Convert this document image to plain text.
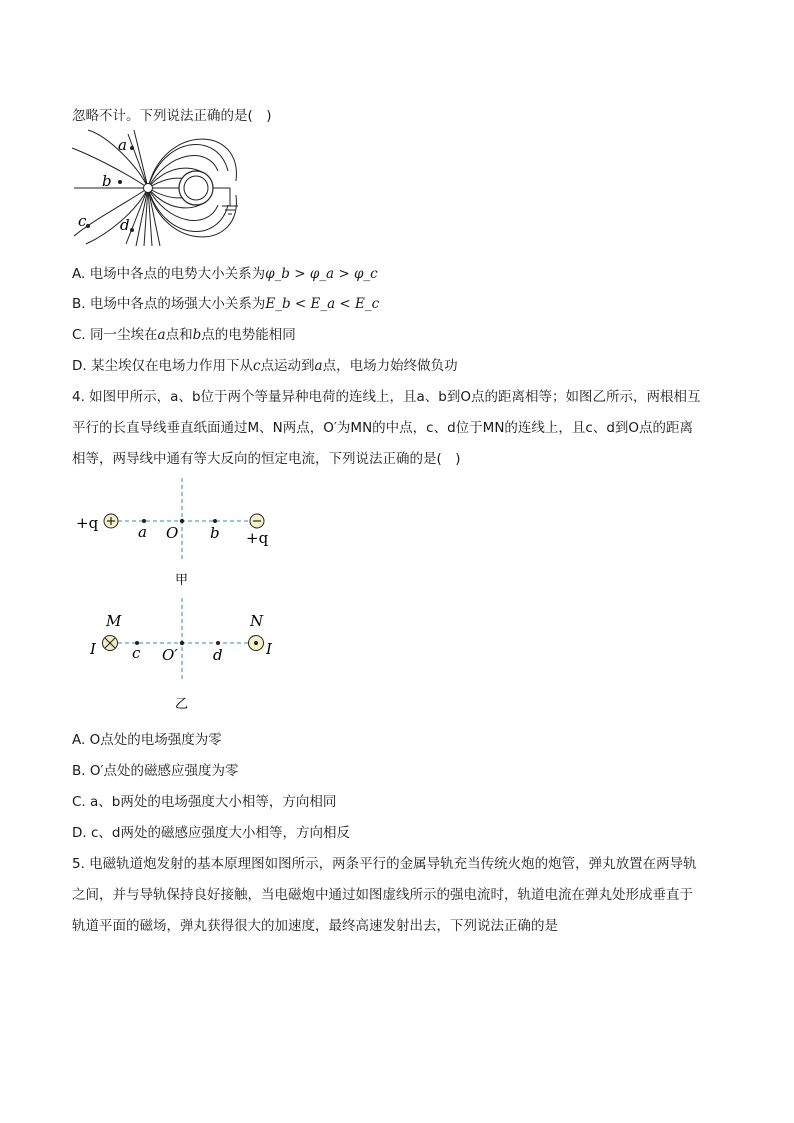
忽略不计。下列说法正确的是(　)
a
b
c d
A. 电场中各点的电势大小关系为φ_b > φ_a > φ_c
B. 电场中各点的场强大小关系为E_b < E_a < E_c
C. 同一尘埃在a点和b点的电势能相同
D. 某尘埃仅在电场力作用下从c点运动到a点，电场力始终做负功
4. 如图甲所示，a、b位于两个等量异种电荷的连线上，且a、b到O点的距离相等；如图乙所示，两根相互
平行的长直导线垂直纸面通过M、N两点，O′为MN的中点，c、d位于MN的连线上，且c、d到O点的距离
相等，两导线中通有等大反向的恒定电流，下列说法正确的是(　)
+q	a O b +q
甲
M	N
I	I
c O′ d
乙
A. O点处的电场强度为零
B. O′点处的磁感应强度为零
C. a、b两处的电场强度大小相等，方向相同
D. c、d两处的磁感应强度大小相等，方向相反
5. 电磁轨道炮发射的基本原理图如图所示，两条平行的金属导轨充当传统火炮的炮管，弹丸放置在两导轨
之间，并与导轨保持良好接触，当电磁炮中通过如图虚线所示的强电流时，轨道电流在弹丸处形成垂直于
轨道平面的磁场，弹丸获得很大的加速度，最终高速发射出去，下列说法正确的是
